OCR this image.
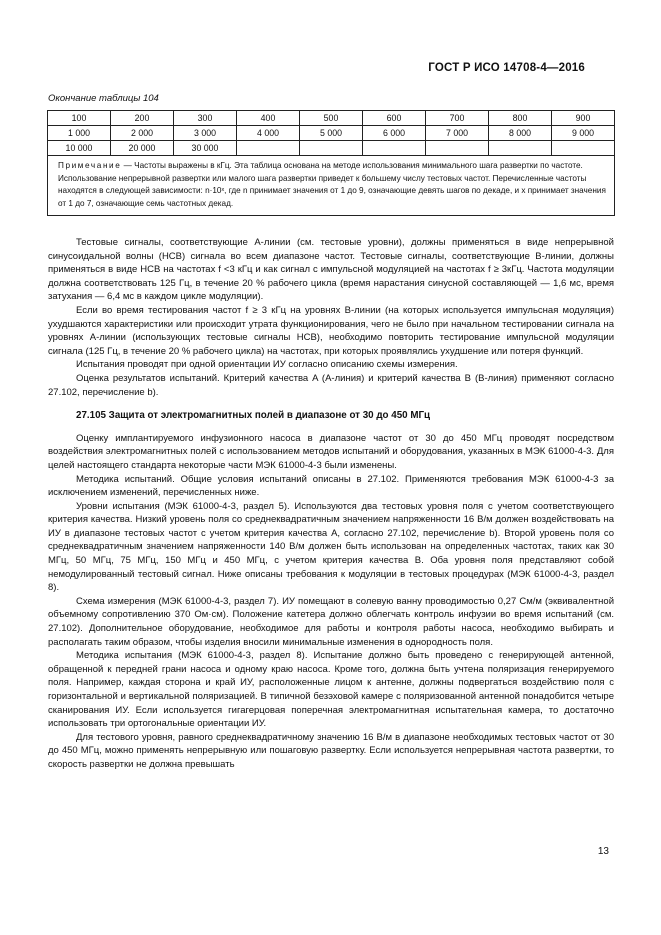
ГОСТ Р ИСО 14708-4—2016
Окончание таблицы 104
100	200	300	400	500	600	700	800	900
1 000	2 000	3 000	4 000	5 000	6 000	7 000	8 000	9 000
10 000	20 000	30 000						
Примечание — Частоты выражены в кГц. Эта таблица основана на методе использования минимального шага развертки по частоте. Использование непрерывной развертки или малого шага развертки приведет к большему числу тестовых частот. Перечисленные частоты находятся в следующей зависимости: n·10ˣ, где n принимает значения от 1 до 9, означающие девять шагов по декаде, и x принимает значения от 1 до 7, означающие семь частотных декад.								

Тестовые сигналы, соответствующие A-линии (см. тестовые уровни), должны применяться в виде непрерывной синусоидальной волны (НСВ) сигнала во всем диапазоне частот. Тестовые сигналы, соответствующие B-линии, должны применяться в виде НСВ на частотах f <3 кГц и как сигнал с импульсной модуляцией на частотах f ≥ 3кГц. Частота модуляции должна соответствовать 125 Гц, в течение 20 % рабочего цикла (время нарастания синусной составляющей — 1,6 мс, время затухания — 6,4 мс в каждом цикле модуляции).

Если во время тестирования частот f ≥ 3 кГц на уровнях B-линии (на которых используется импульсная модуляция) ухудшаются характеристики или происходит утрата функционирования, чего не было при начальном тестировании сигнала на уровнях A-линии (использующих тестовые сигналы НСВ), необходимо повторить тестирование импульсной модуляции сигнала (125 Гц, в течение 20 % рабочего цикла) на частотах, при которых проявлялись ухудшение или потеря функций.

Испытания проводят при одной ориентации ИУ согласно описанию схемы измерения.

Оценка результатов испытаний. Критерий качества A (A-линия) и критерий качества B (B-линия) применяют согласно 27.102, перечисление b).

27.105 Защита от электромагнитных полей в диапазоне от 30 до 450 МГц

Оценку имплантируемого инфузионного насоса в диапазоне частот от 30 до 450 МГц проводят посредством воздействия электромагнитных полей с использованием методов испытаний и оборудования, указанных в МЭК 61000-4-3. Для целей настоящего стандарта некоторые части МЭК 61000-4-3 были изменены.

Методика испытаний. Общие условия испытаний описаны в 27.102. Применяются требования МЭК 61000-4-3 за исключением изменений, перечисленных ниже.

Уровни испытания (МЭК 61000-4-3, раздел 5). Используются два тестовых уровня поля с учетом соответствующего критерия качества. Низкий уровень поля со среднеквадратичным значением напряженности 16 В/м должен воздействовать на ИУ в диапазоне тестовых частот с учетом критерия качества A, согласно 27.102, перечисление b). Второй уровень поля со среднеквадратичным значением напряженности 140 В/м должен быть использован на определенных частотах, таких как 30 МГц, 50 МГц, 75 МГц, 150 МГц и 450 МГц, с учетом критерия качества B. Оба уровня поля представляют собой немодулированный тестовый сигнал. Ниже описаны требования к модуляции в тестовых процедурах (МЭК 61000-4-3, раздел 8).

Схема измерения (МЭК 61000-4-3, раздел 7). ИУ помещают в солевую ванну проводимостью 0,27 См/м (эквивалентной объемному сопротивлению 370 Ом·см). Положение катетера должно облегчать контроль инфузии во время испытаний (см. 27.102). Дополнительное оборудование, необходимое для работы и контроля работы насоса, необходимо выбирать и располагать таким образом, чтобы изделия вносили минимальные изменения в однородность поля.

Методика испытания (МЭК 61000-4-3, раздел 8). Испытание должно быть проведено с генерирующей антенной, обращенной к передней грани насоса и одному краю насоса. Кроме того, должна быть учтена поляризация генерируемого поля. Например, каждая сторона и край ИУ, расположенные лицом к антенне, должны подвергаться воздействию поля с горизонтальной и вертикальной поляризацией. В типичной безэховой камере с поляризованной антенной понадобится четыре сканирования ИУ. Если используется гигагерцовая поперечная электромагнитная испытательная камера, то достаточно использовать три ортогональные ориентации ИУ.

Для тестового уровня, равного среднеквадратичному значению 16 В/м в диапазоне необходимых тестовых частот от 30 до 450 МГц, можно применять непрерывную или пошаговую развертку. Если используется непрерывная частота развертки, то скорость развертки не должна превышать

13
